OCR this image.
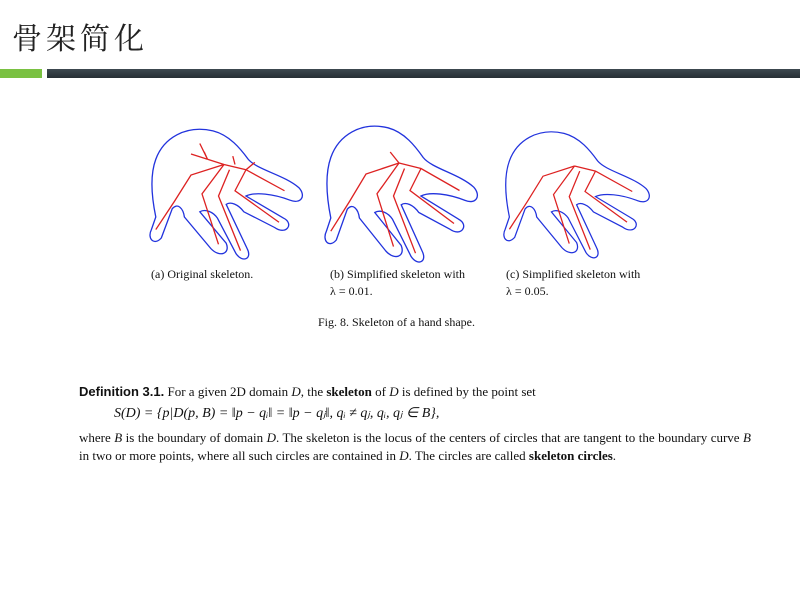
骨架简化
(a) Original skeleton.	(b) Simplified skeleton with
λ = 0.01.
(c) Simplified skeleton with
λ = 0.05.
Fig. 8. Skeleton of a hand shape.
Definition 3.1. For a given 2D domain D, the skeleton of D is defined by the point set
S(D) = {p|D(p, B) = ‖p − qᵢ‖ = ‖p − qⱼ‖, qᵢ ≠ qⱼ, qᵢ, qⱼ ∈ B},
where B is the boundary of domain D. The skeleton is the locus of the centers of circles that are tangent to the boundary curve B in two or more points, where all such circles are contained in D. The circles are called skeleton circles.
